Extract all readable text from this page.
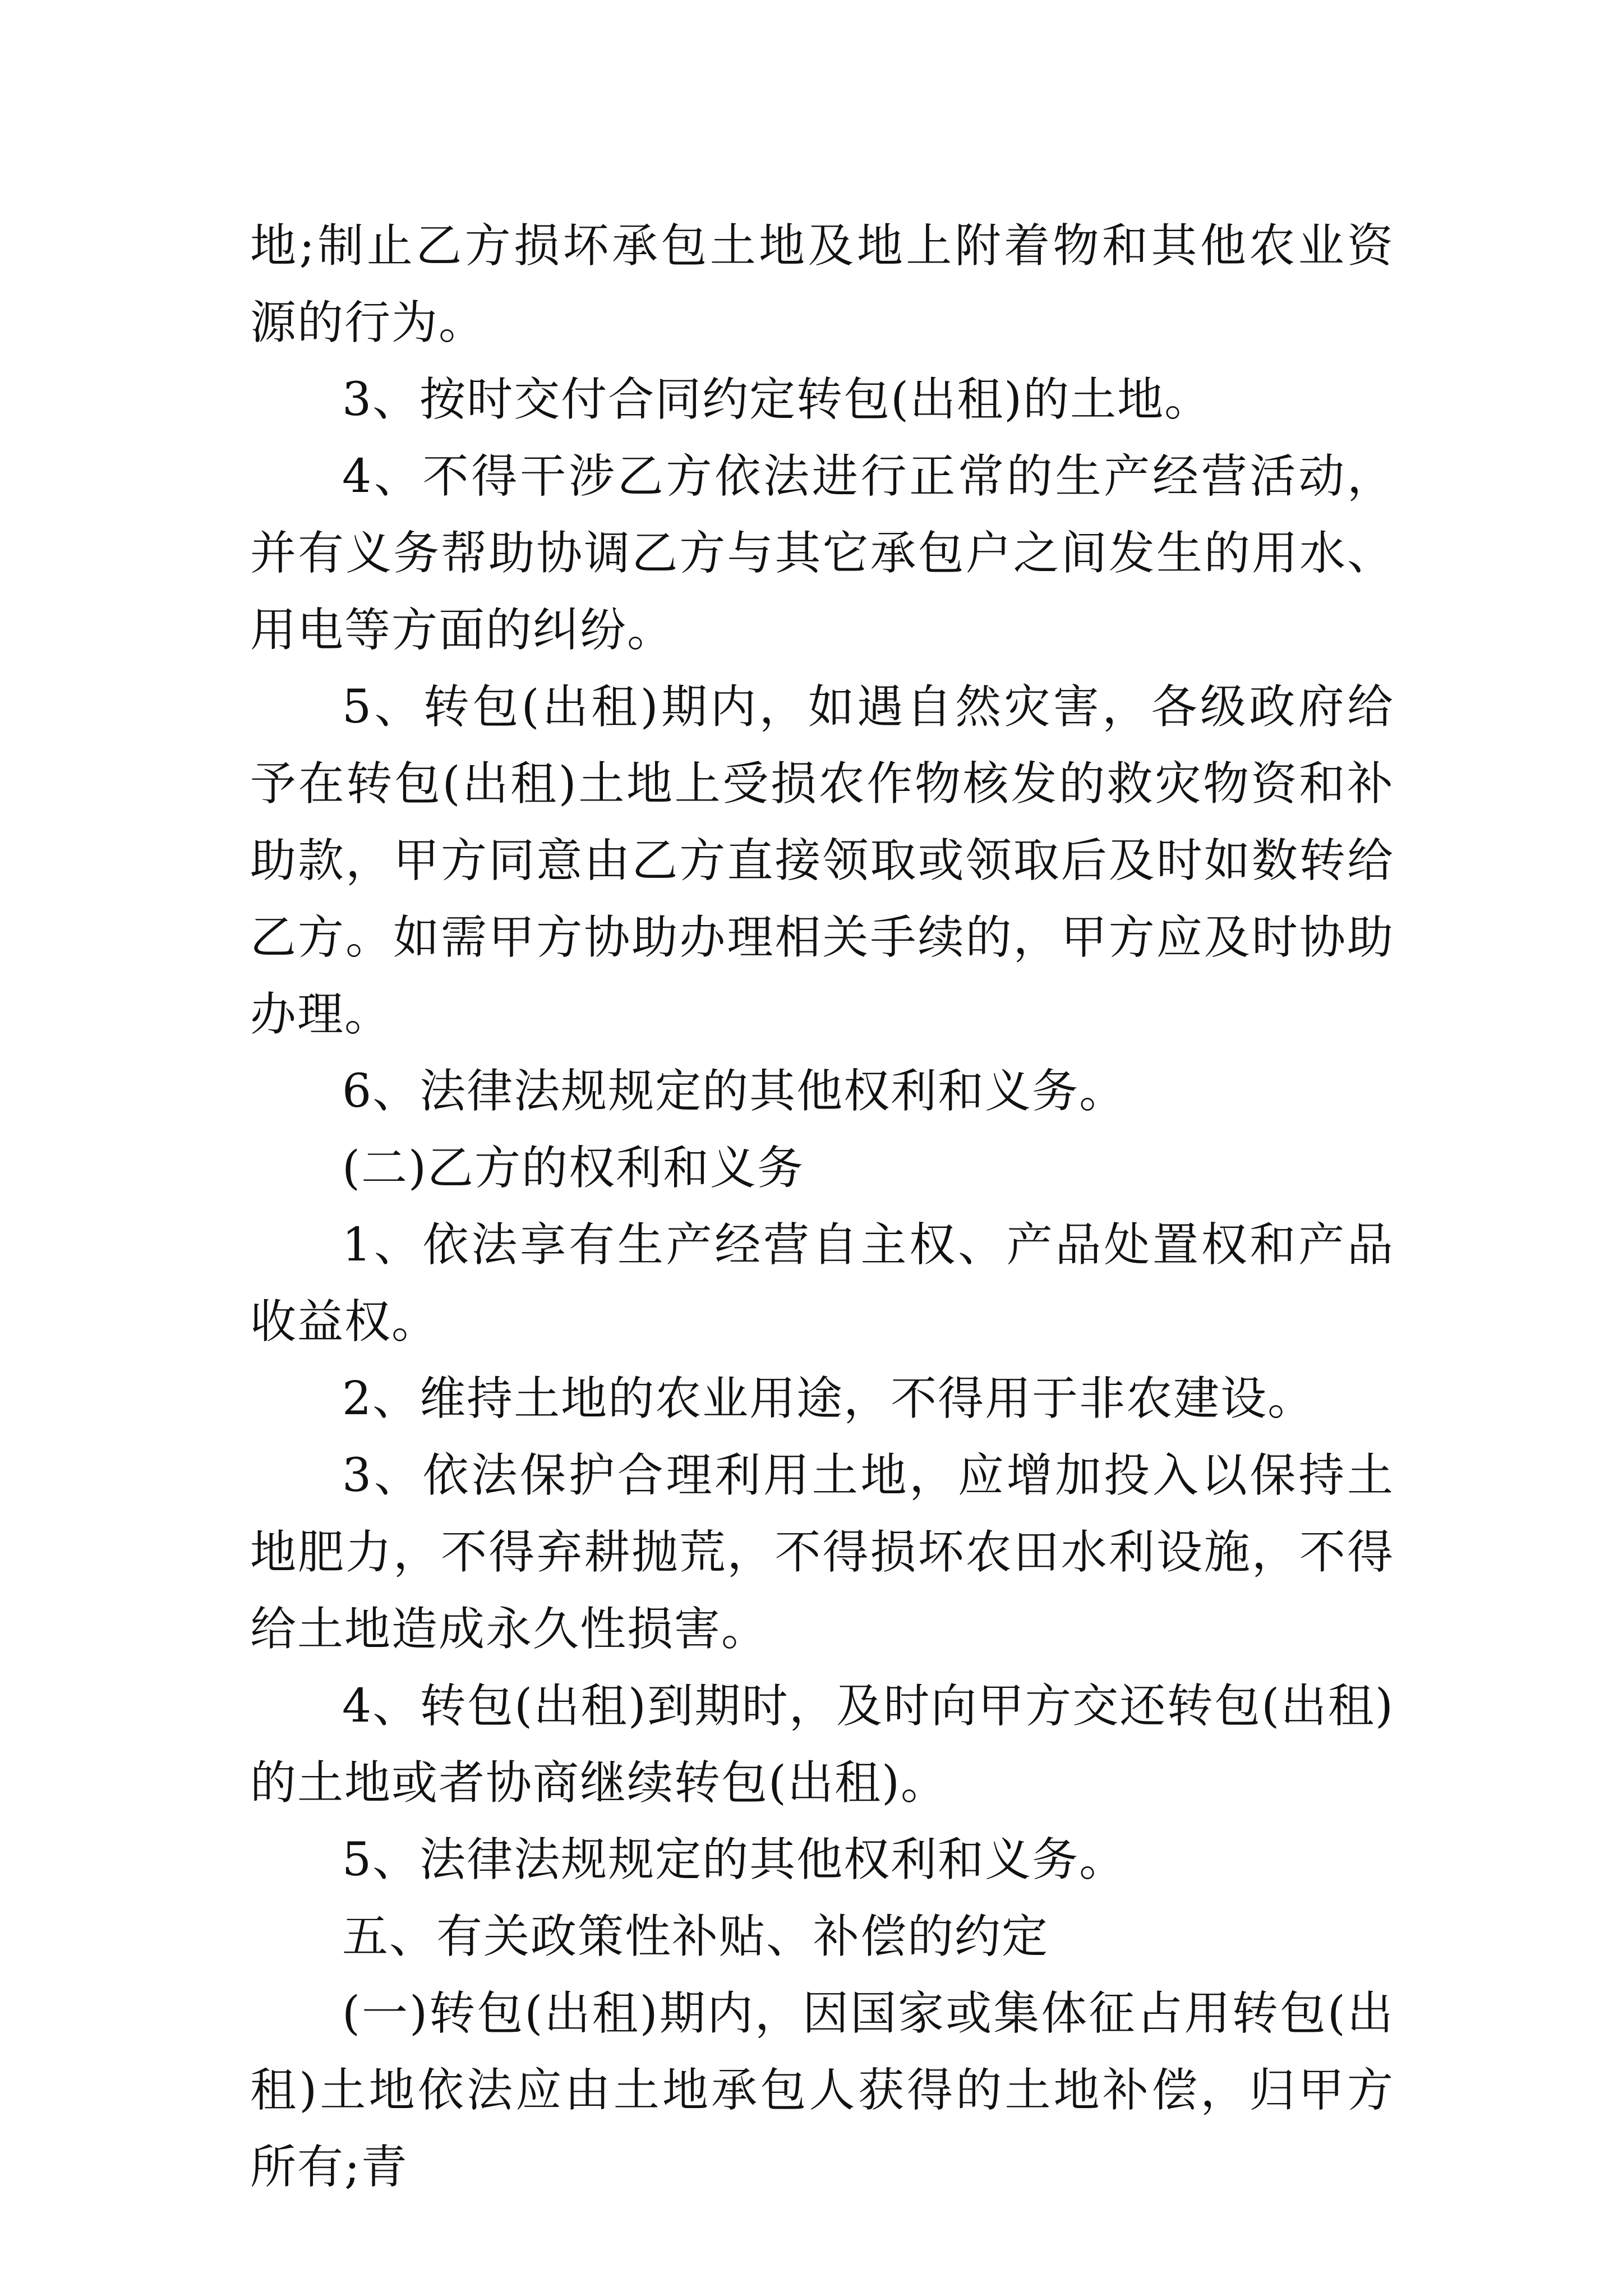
地;制止乙方损坏承包土地及地上附着物和其他农业资源的行为。

3、按时交付合同约定转包(出租)的土地。

4、不得干涉乙方依法进行正常的生产经营活动，并有义务帮助协调乙方与其它承包户之间发生的用水、用电等方面的纠纷。

5、转包(出租)期内，如遇自然灾害，各级政府给予在转包(出租)土地上受损农作物核发的救灾物资和补助款，甲方同意由乙方直接领取或领取后及时如数转给乙方。如需甲方协助办理相关手续的，甲方应及时协助办理。

6、法律法规规定的其他权利和义务。

(二)乙方的权利和义务

1、依法享有生产经营自主权、产品处置权和产品收益权。

2、维持土地的农业用途，不得用于非农建设。

3、依法保护合理利用土地，应增加投入以保持土地肥力，不得弃耕抛荒，不得损坏农田水利设施，不得给土地造成永久性损害。

4、转包(出租)到期时，及时向甲方交还转包(出租)的土地或者协商继续转包(出租)。

5、法律法规规定的其他权利和义务。

五、有关政策性补贴、补偿的约定

(一)转包(出租)期内，因国家或集体征占用转包(出租)土地依法应由土地承包人获得的土地补偿，归甲方所有;青
